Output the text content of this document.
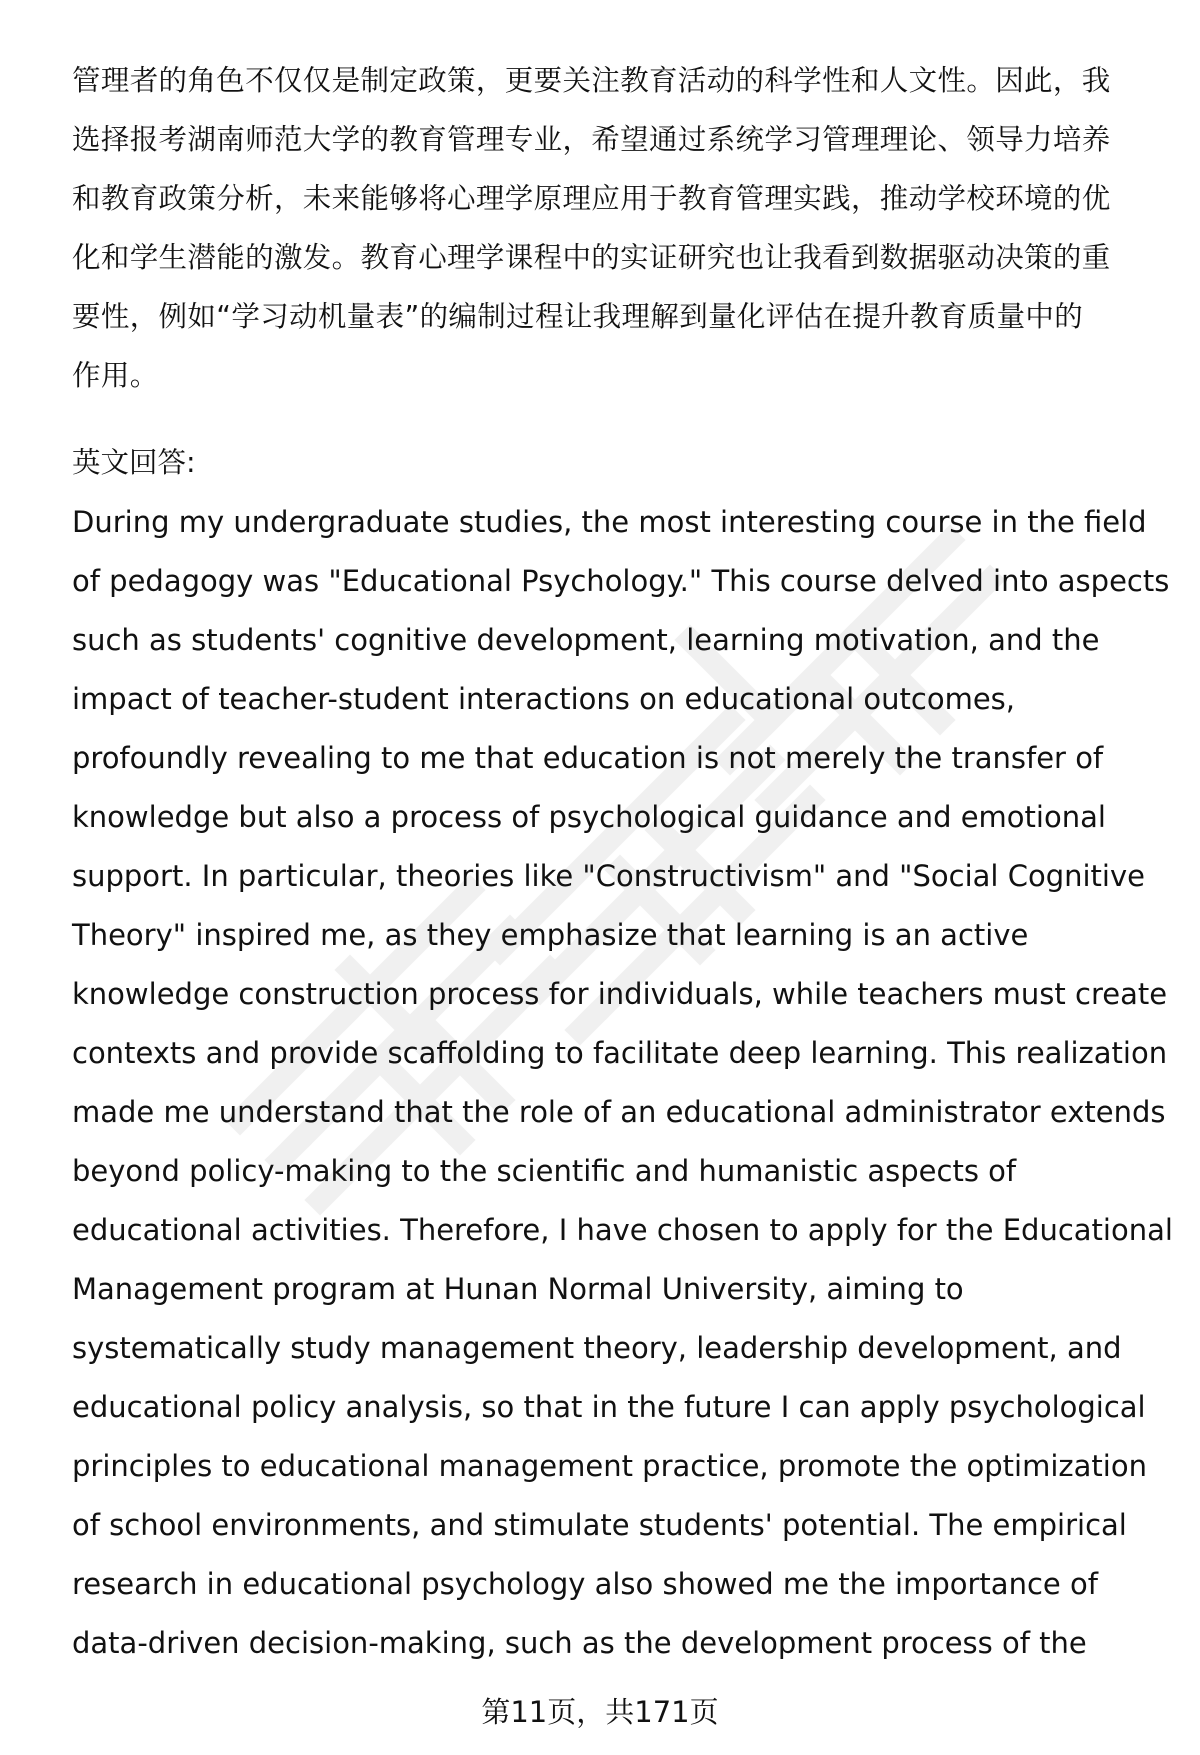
管理者的角色不仅仅是制定政策，更要关注教育活动的科学性和人文性。因此，我
选择报考湖南师范大学的教育管理专业，希望通过系统学习管理理论、领导力培养
和教育政策分析，未来能够将心理学原理应用于教育管理实践，推动学校环境的优
化和学生潜能的激发。教育心理学课程中的实证研究也让我看到数据驱动决策的重
要性，例如“学习动机量表”的编制过程让我理解到量化评估在提升教育质量中的
作用。
英文回答:
During my undergraduate studies, the most interesting course in the field
of pedagogy was "Educational Psychology." This course delved into aspects
such as students' cognitive development, learning motivation, and the
impact of teacher-student interactions on educational outcomes,
profoundly revealing to me that education is not merely the transfer of
knowledge but also a process of psychological guidance and emotional
support. In particular, theories like "Constructivism" and "Social Cognitive
Theory" inspired me, as they emphasize that learning is an active
knowledge construction process for individuals, while teachers must create
contexts and provide scaffolding to facilitate deep learning. This realization
made me understand that the role of an educational administrator extends
beyond policy-making to the scientific and humanistic aspects of
educational activities. Therefore, I have chosen to apply for the Educational
Management program at Hunan Normal University, aiming to
systematically study management theory, leadership development, and
educational policy analysis, so that in the future I can apply psychological
principles to educational management practice, promote the optimization
of school environments, and stimulate students' potential. The empirical
research in educational psychology also showed me the importance of
data-driven decision-making, such as the development process of the
第11页，共171页
